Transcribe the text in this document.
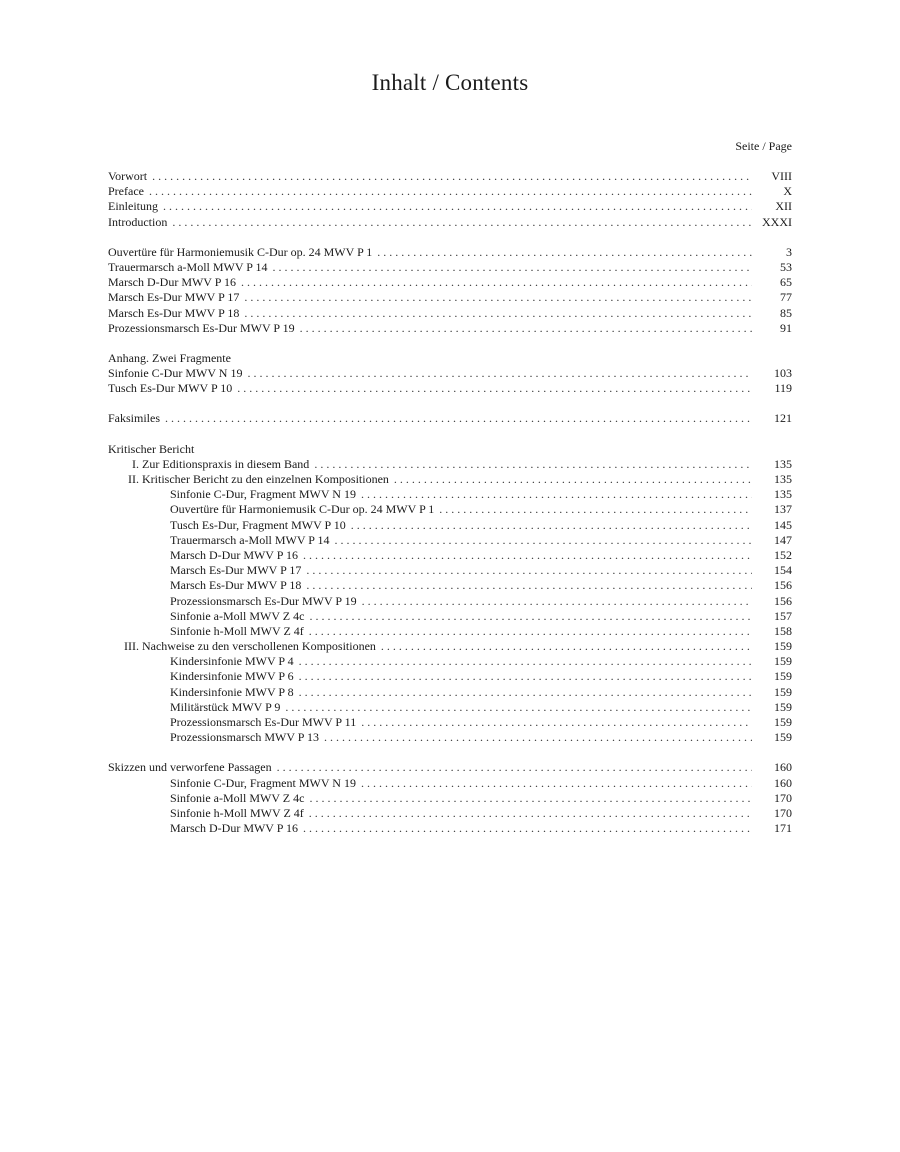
Inhalt / Contents
Seite / Page
Vorwort . . .	VIII
Preface . . .	X
Einleitung . . .	XII
Introduction . . .	XXXI
Ouvertüre für Harmoniemusik C-Dur op. 24 MWV P 1 . . .	3
Trauermarsch a-Moll MWV P 14 . . .	53
Marsch D-Dur MWV P 16 . . .	65
Marsch Es-Dur MWV P 17 . . .	77
Marsch Es-Dur MWV P 18 . . .	85
Prozessionsmarsch Es-Dur MWV P 19 . . .	91
Anhang. Zwei Fragmente
Sinfonie C-Dur MWV N 19 . . .	103
Tusch Es-Dur MWV P 10 . . .	119
Faksimiles . . .	121
Kritischer Bericht
I. Zur Editionspraxis in diesem Band . . .	135
II. Kritischer Bericht zu den einzelnen Kompositionen . . .	135
Sinfonie C-Dur, Fragment MWV N 19 . . .	135
Ouvertüre für Harmoniemusik C-Dur op. 24 MWV P 1 . . .	137
Tusch Es-Dur, Fragment MWV P 10 . . .	145
Trauermarsch a-Moll MWV P 14 . . .	147
Marsch D-Dur MWV P 16 . . .	152
Marsch Es-Dur MWV P 17 . . .	154
Marsch Es-Dur MWV P 18 . . .	156
Prozessionsmarsch Es-Dur MWV P 19 . . .	156
Sinfonie a-Moll MWV Z 4c . . .	157
Sinfonie h-Moll MWV Z 4f . . .	158
III. Nachweise zu den verschollenen Kompositionen . . .	159
Kindersinfonie MWV P 4 . . .	159
Kindersinfonie MWV P 6 . . .	159
Kindersinfonie MWV P 8 . . .	159
Militärstück MWV P 9 . . .	159
Prozessionsmarsch Es-Dur MWV P 11 . . .	159
Prozessionsmarsch MWV P 13 . . .	159
Skizzen und verworfene Passagen . . .	160
Sinfonie C-Dur, Fragment MWV N 19 . . .	160
Sinfonie a-Moll MWV Z 4c . . .	170
Sinfonie h-Moll MWV Z 4f . . .	170
Marsch D-Dur MWV P 16 . . .	171
